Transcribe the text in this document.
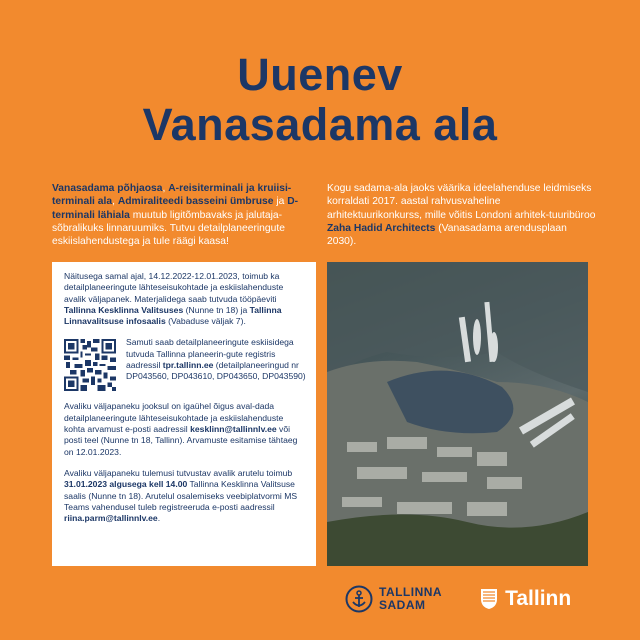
Uuenev
Vanasadama ala
Vanasadama põhjaosa, A-reisiterminali ja kruiisi-terminali ala, Admiraliteedi basseini ümbruse ja D-terminali lähiala muutub ligitõmbavaks ja jalutaja-sõbralikuks linnaruumiks. Tutvu detailplaneeringute eskiislahendustega ja tule räägi kaasa!
Kogu sadama-ala jaoks väärika ideelahenduse leidmiseks korraldati 2017. aastal rahvusvaheline arhitektuurikonkurss, mille võitis Londoni arhitek-tuuribüroo Zaha Hadid Architects (Vanasadama arendusplaan 2030).

Näitusega samal ajal, 14.12.2022-12.01.2023, toimub ka detailplaneeringute lähteseisukohtade ja eskiislahenduste avalik väljapanek. Materjalidega saab tutvuda tööpäeviti Tallinna Kesklinna Valitsuses (Nunne tn 18) ja Tallinna Linnavalitsuse infosaalis (Vabaduse väljak 7).

Samuti saab detailplaneeringute eskiisidega tutvuda Tallinna planeerin-gute registris aadressil tpr.tallinn.ee (detailplaneeringud nr DP043560, DP043610, DP043650, DP043590)

Avaliku väljapaneku jooksul on igaühel õigus aval-dada detailplaneeringute lähteseisukohtade ja eskiislahenduste kohta arvamust e-posti aadressil kesklinn@tallinnlv.ee või posti teel (Nunne tn 18, Tallinn). Arvamuste esitamise tähtaeg on 12.01.2023.

Avaliku väljapaneku tulemusi tutvustav avalik arutelu toimub 31.01.2023 algusega kell 14.00 Tallinna Kesklinna Valitsuse saalis (Nunne tn 18). Arutelul osalemiseks veebiplatvormi MS Teams vahendusel tuleb registreeruda e-posti aadressil riina.parm@tallinnlv.ee.

TALLINNA
SADAM	Tallinn
